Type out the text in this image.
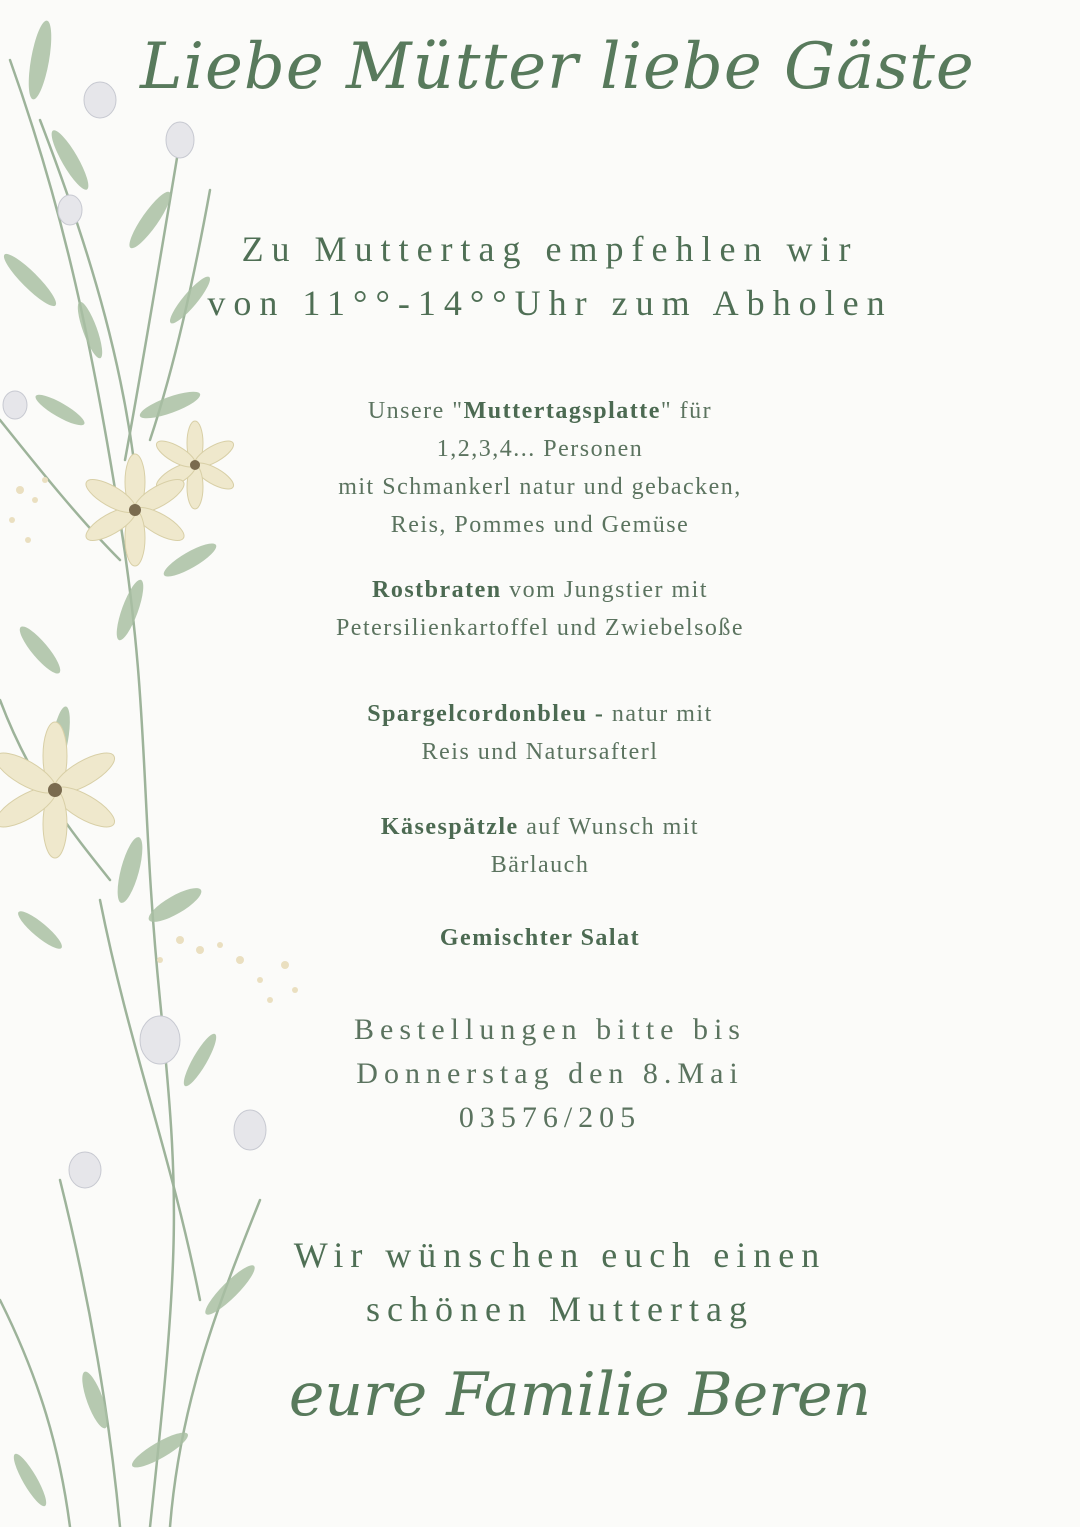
Liebe Mütter liebe Gäste
Zu Muttertag empfehlen wir
von 11°°-14°°Uhr zum Abholen
Unsere "Muttertagsplatte" für
1,2,3,4... Personen
mit Schmankerl natur und gebacken,
Reis, Pommes und Gemüse
Rostbraten vom Jungstier mit
Petersilienkartoffel und Zwiebelsoße
Spargelcordonbleu - natur mit
Reis und Natursafterl
Käsespätzle auf Wunsch mit
Bärlauch
Gemischter Salat
Bestellungen bitte bis
Donnerstag den 8.Mai
03576/205
Wir wünschen euch einen
schönen Muttertag
eure Familie Beren
